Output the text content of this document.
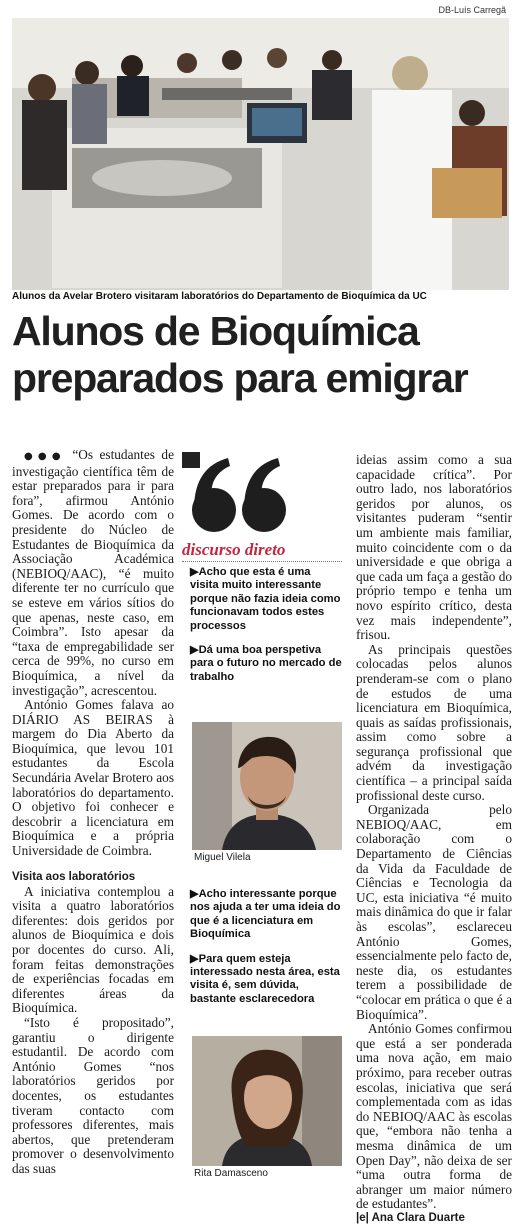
DB-Luís Carregã
Alunos da Avelar Brotero visitaram laboratórios do Departamento de Bioquímica da UC
Alunos de Bioquímica
preparados para emigrar

●●● “Os estudantes de investigação científica têm de estar preparados para ir para fora”, afirmou António Gomes. De acordo com o presidente do Núcleo de Estudantes de Bioquímica da Associação Académica (NEBIOQ/AAC), “é muito diferente ter no currículo que se esteve em vários sítios do que apenas, neste caso, em Coimbra”. Isto apesar da “taxa de empregabilidade ser cerca de 99%, no curso em Bioquímica, a nível da investigação”, acrescentou.

António Gomes falava ao DIÁRIO AS BEIRAS à margem do Dia Aberto da Bioquímica, que levou 101 estudantes da Escola Secundária Avelar Brotero aos laboratórios do departamento. O objetivo foi conhecer e descobrir a licenciatura em Bioquímica e a própria Universidade de Coimbra.

Visita aos laboratórios

A iniciativa contemplou a visita a quatro laboratórios diferentes: dois geridos por alunos de Bioquímica e dois por docentes do curso. Ali, foram feitas demonstrações de experiências focadas em diferentes áreas da Bioquímica.

“Isto é propositado”, garantiu o dirigente estudantil. De acordo com António Gomes “nos laboratórios geridos por docentes, os estudantes tiveram contacto com professores diferentes, mais abertos, que pretenderam promover o desenvolvimento das suas

discurso direto

▶Acho que esta é uma visita muito interessante porque não fazia ideia como funcionavam todos estes processos

▶Dá uma boa perspetiva para o futuro no mercado de trabalho

Miguel Vilela

▶Acho interessante porque nos ajuda a ter uma ideia do que é a licenciatura em Bioquímica

▶Para quem esteja interessado nesta área, esta visita é, sem dúvida, bastante esclarecedora

Rita Damasceno

ideias assim como a sua capacidade crítica”. Por outro lado, nos laboratórios geridos por alunos, os visitantes puderam “sentir um ambiente mais familiar, muito coincidente com o da universidade e que obriga a que cada um faça a gestão do próprio tempo e tenha um novo espírito crítico, desta vez mais independente”, frisou.

As principais questões colocadas pelos alunos prenderam-se com o plano de estudos de uma licenciatura em Bioquímica, quais as saídas profissionais, assim como sobre a segurança profissional que advém da investigação científica – a principal saída profissional deste curso.

Organizada pelo NEBIOQ/AAC, em colaboração com o Departamento de Ciências da Vida da Faculdade de Ciências e Tecnologia da UC, esta iniciativa “é muito mais dinâmica do que ir falar às escolas”, esclareceu António Gomes, essencialmente pelo facto de, neste dia, os estudantes terem a possibilidade de “colocar em prática o que é a Bioquímica”.

António Gomes confirmou que está a ser ponderada uma nova ação, em maio próximo, para receber outras escolas, iniciativa que será complementada com as idas do NEBIOQ/AAC às escolas que, “embora não tenha a mesma dinâmica de um Open Day”, não deixa de ser “uma outra forma de abranger um maior número de estudantes”.

|e| Ana Clara Duarte
